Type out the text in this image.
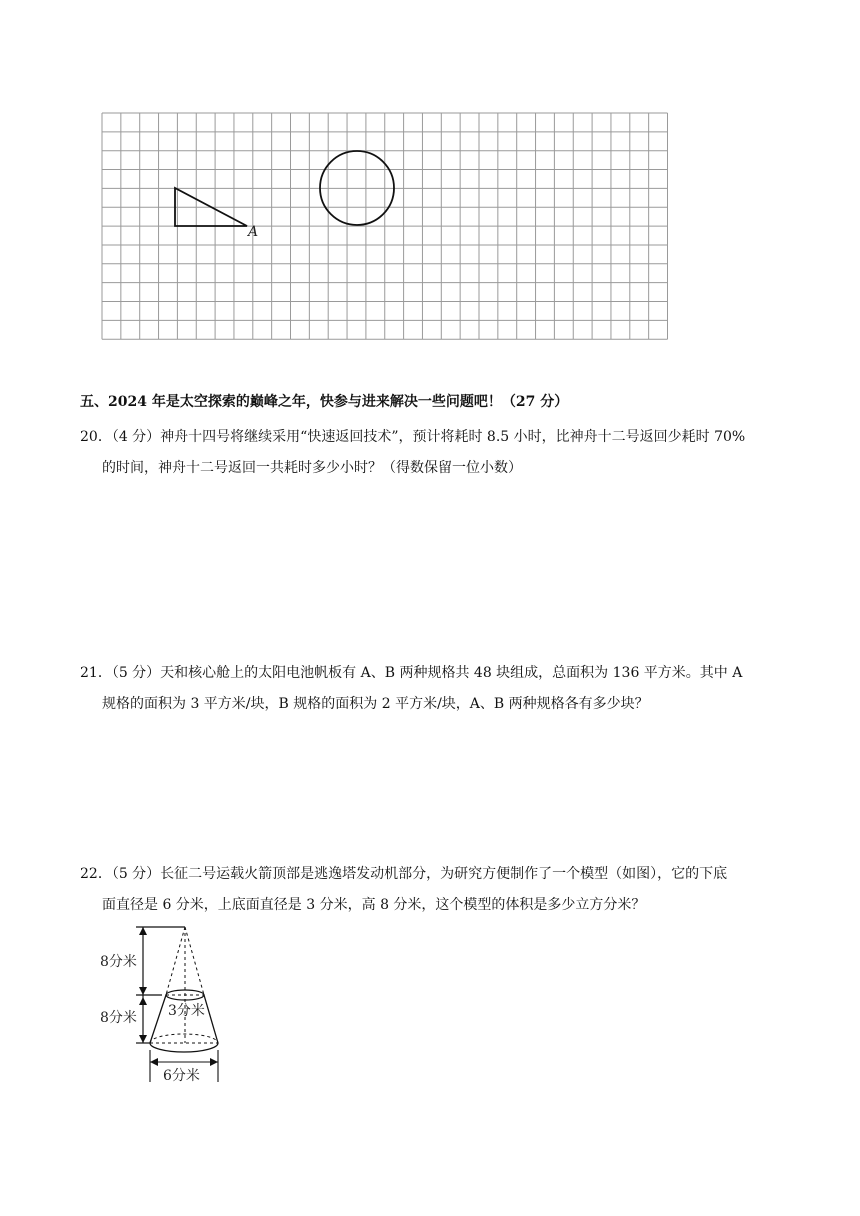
A
五、2024 年是太空探索的巅峰之年，快参与进来解决一些问题吧！（27 分）
20．（4 分）神舟十四号将继续采用“快速返回技术”，预计将耗时 8.5 小时，比神舟十二号返回少耗时 70%
的时间，神舟十二号返回一共耗时多少小时？（得数保留一位小数）
21．（5 分）天和核心舱上的太阳电池帆板有 A、B 两种规格共 48 块组成，总面积为 136 平方米。其中 A
规格的面积为 3 平方米/块，B 规格的面积为 2 平方米/块，A、B 两种规格各有多少块？
22．（5 分）长征二号运载火箭顶部是逃逸塔发动机部分，为研究方便制作了一个模型（如图），它的下底
面直径是 6 分米，上底面直径是 3 分米，高 8 分米，这个模型的体积是多少立方分米？
8分米
8分米 3分米
6分米
